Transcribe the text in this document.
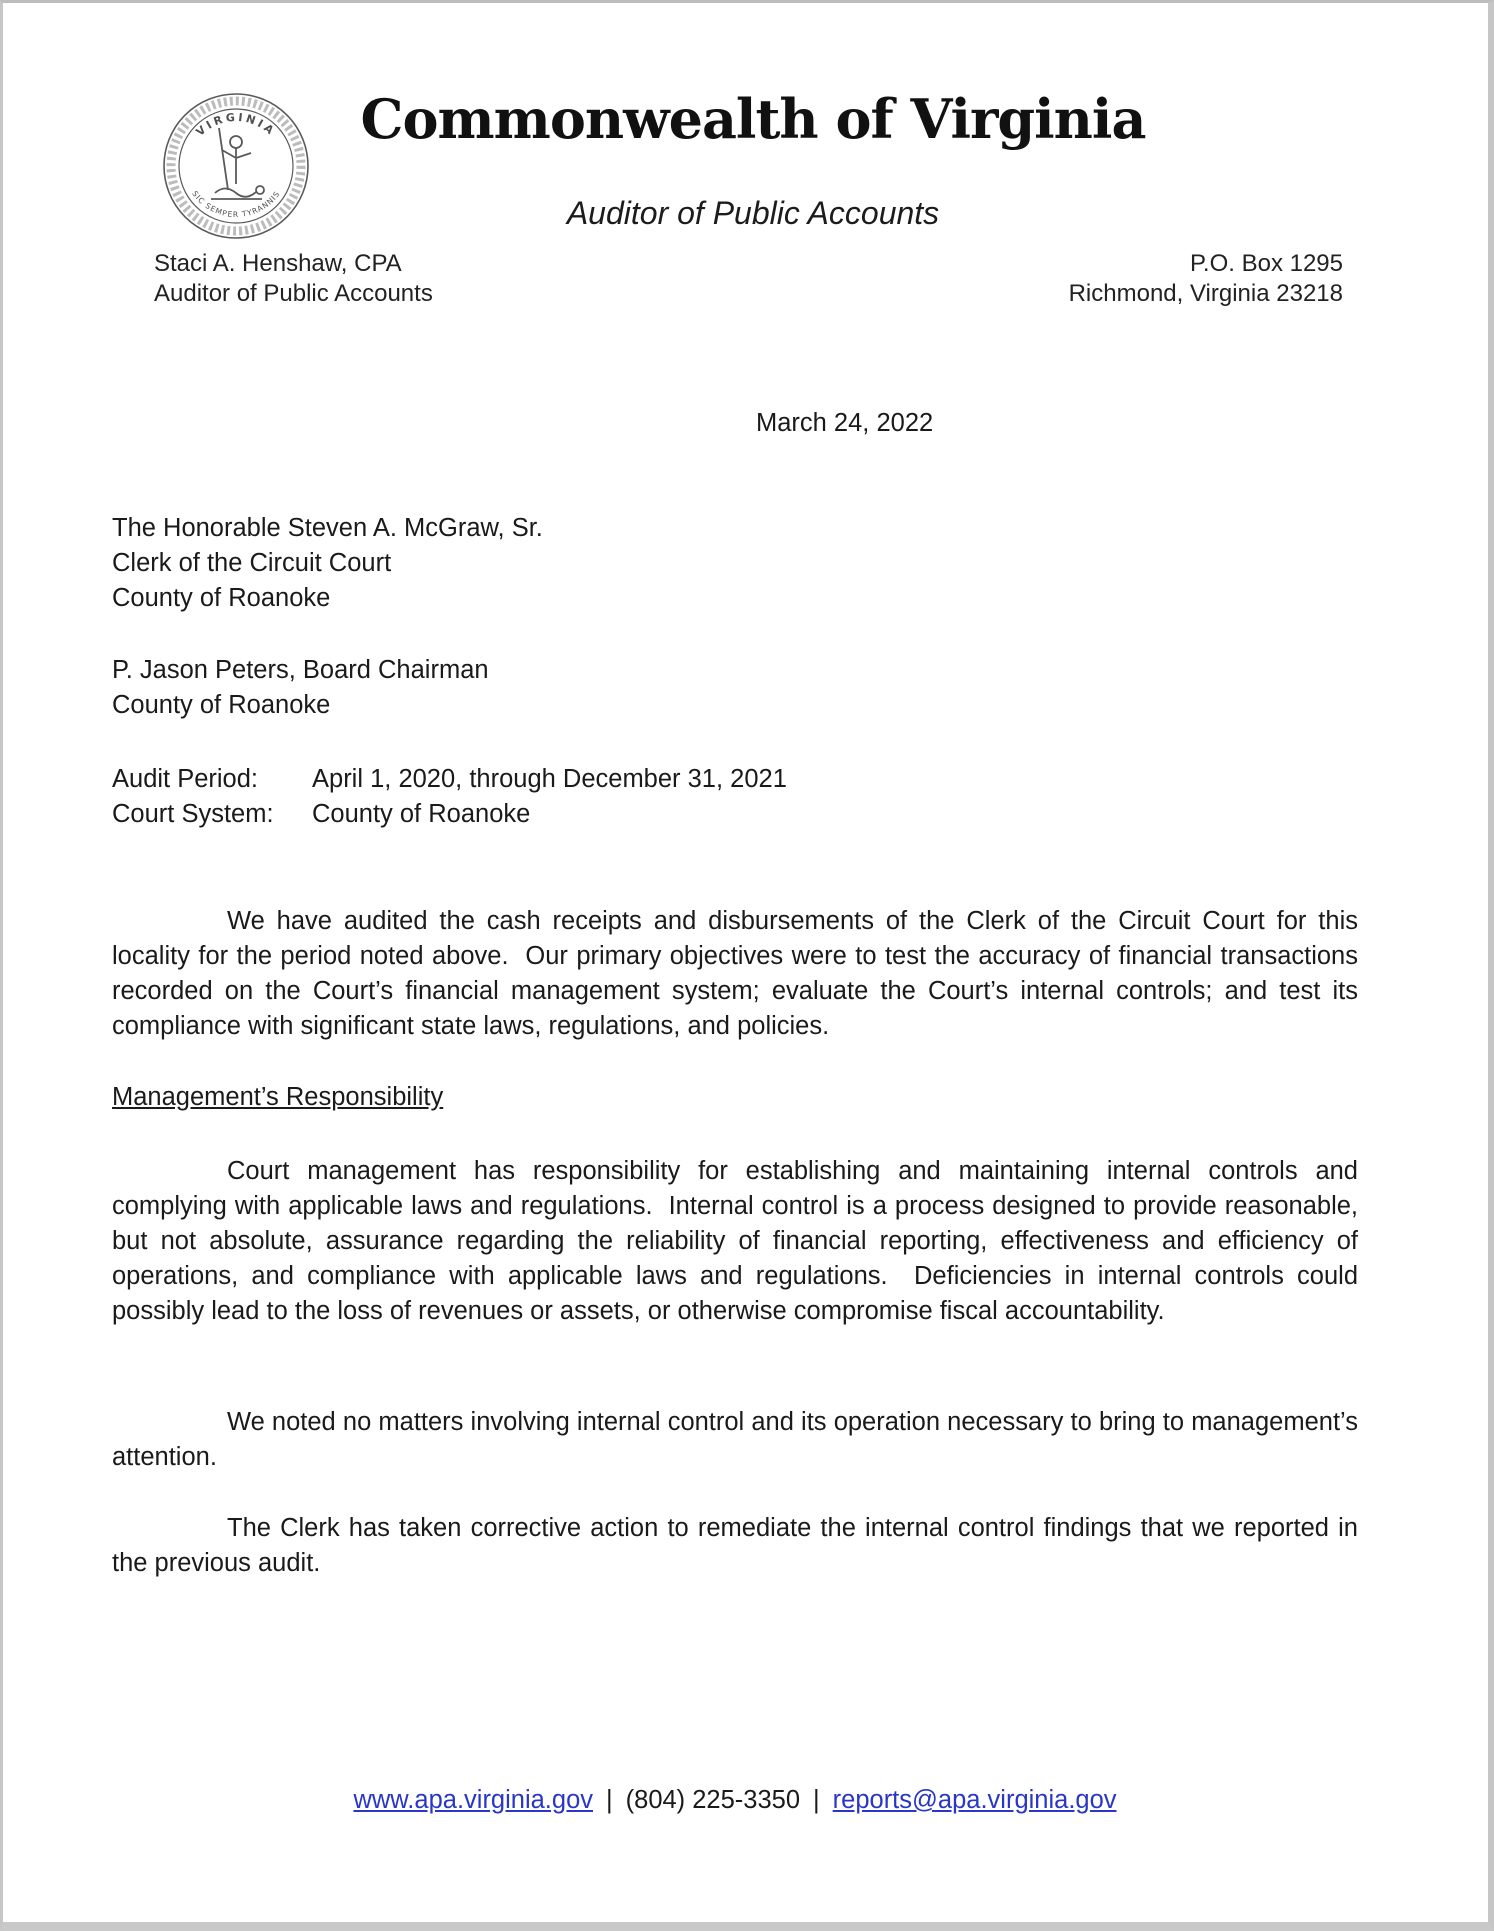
VIRGINIA
SIC SEMPER TYRANNIS
Commonwealth of Virginia
Auditor of Public Accounts
Staci A. Henshaw, CPA
Auditor of Public Accounts
P.O. Box 1295
Richmond, Virginia 23218
March 24, 2022
The Honorable Steven A. McGraw, Sr.
Clerk of the Circuit Court
County of Roanoke
P. Jason Peters, Board Chairman
County of Roanoke
Audit Period: April 1, 2020, through December 31, 2021
Court System: County of Roanoke

We have audited the cash receipts and disbursements of the Clerk of the Circuit Court for this locality for the period noted above.  Our primary objectives were to test the accuracy of financial transactions recorded on the Court’s financial management system; evaluate the Court’s internal controls; and test its compliance with significant state laws, regulations, and policies.

Management’s Responsibility

Court management has responsibility for establishing and maintaining internal controls and complying with applicable laws and regulations.  Internal control is a process designed to provide reasonable, but not absolute, assurance regarding the reliability of financial reporting, effectiveness and efficiency of operations, and compliance with applicable laws and regulations.  Deficiencies in internal controls could possibly lead to the loss of revenues or assets, or otherwise compromise fiscal accountability.

We noted no matters involving internal control and its operation necessary to bring to management’s attention.

The Clerk has taken corrective action to remediate the internal control findings that we reported in the previous audit.

www.apa.virginia.gov | (804) 225-3350 | reports@apa.virginia.gov
